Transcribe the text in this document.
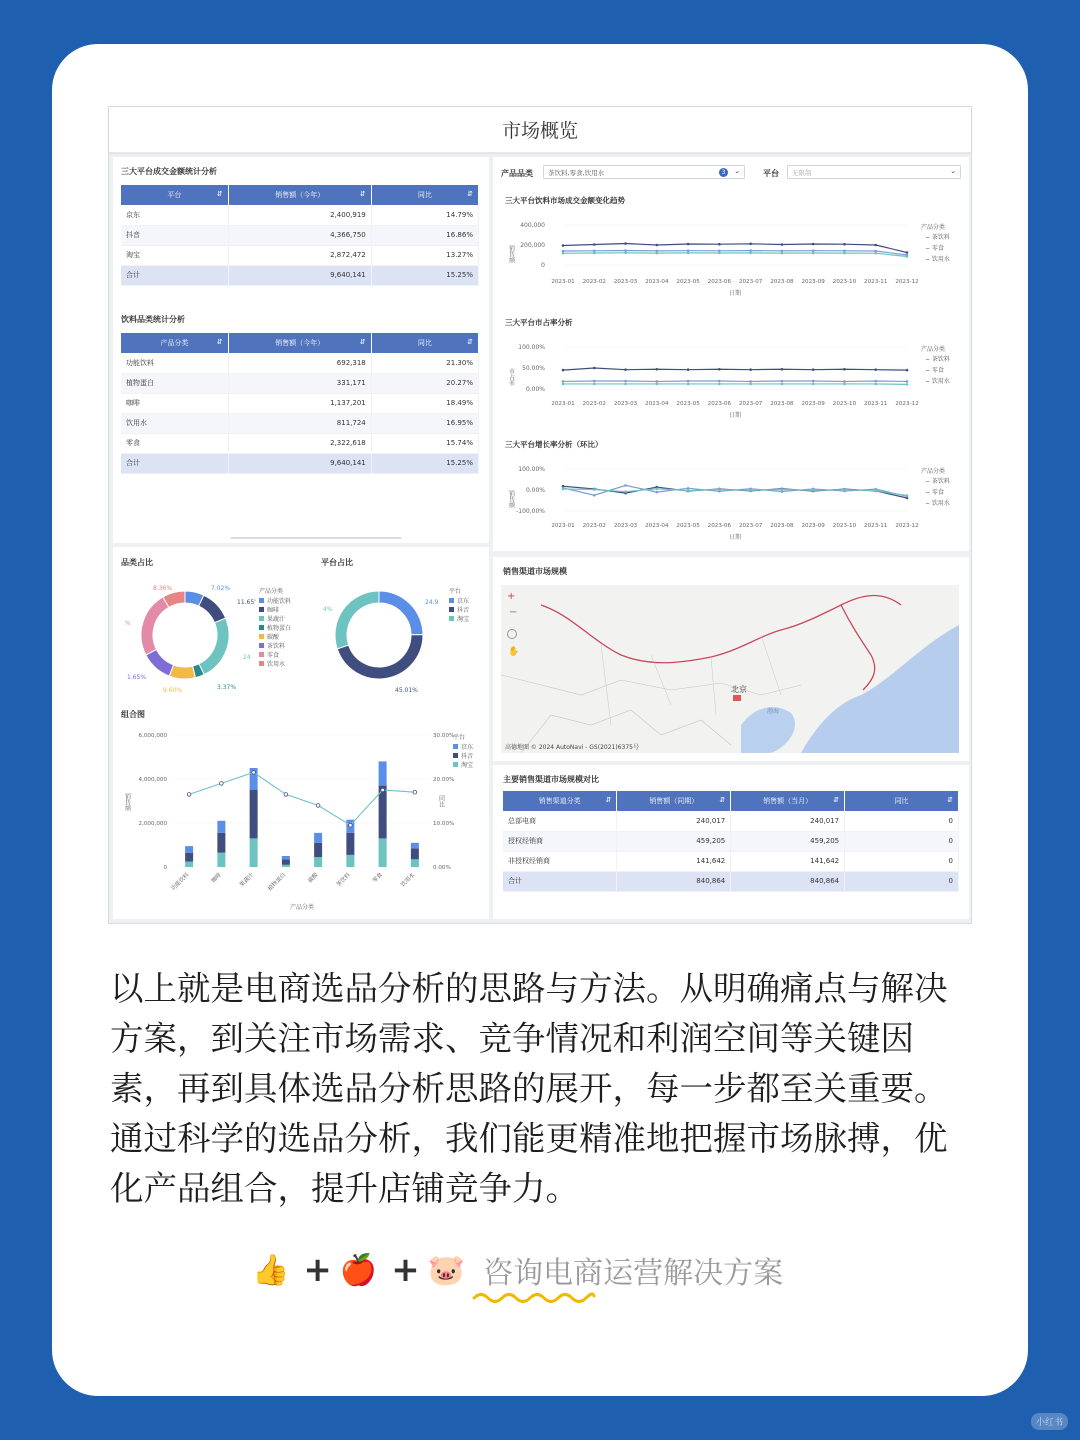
市场概览
三大平台成交金额统计分析
平台 ⇵	销售额（今年） ⇵	同比 ⇵

京东	2,400,919	14.79%
抖音	4,366,750	16.86%
淘宝	2,872,472	13.27%
合计	9,640,141	15.25%
饮料品类统计分析
产品分类 ⇵	销售额（今年） ⇵	同比 ⇵

功能饮料	692,318	21.30%
植物蛋白	331,171	20.27%
咖啡	1,137,201	18.49%
饮用水	811,724	16.95%
零食	2,322,618	15.74%
合计	9,640,141	15.25%
产品品类	茶饮料,零食,饮用水	3	⌄	平台	无限制	⌄
三大平台饮料市场成交金额变化趋势
400,000
200,000
0
销售额
2023-01 2023-02 2023-03 2023-04 2023-05 2023-06 2023-07 2023-08 2023-09 2023-10 2023-11 2023-12
日期
− 茶饮料
− 零食
− 饮用水
产品分类
三大平台市占率分析
100.00%
50.00%
0.00%
市占率
2023-01 2023-02 2023-03 2023-04 2023-05 2023-06 2023-07 2023-08 2023-09 2023-10 2023-11 2023-12
日期
− 茶饮料
− 零食
− 饮用水
产品分类
三大平台增长率分析（环比）
100.00%
0.00%
-100.00%
销售额
2023-01 2023-02 2023-03 2023-04 2023-05 2023-06 2023-07 2023-08 2023-09 2023-10 2023-11 2023-12
日期
− 茶饮料
− 零食
− 饮用水
产品分类
品类占比
产品分类
功能饮料
咖啡
果蔬汁
植物蛋白
碳酸
茶饮料
零食
饮用水
平台占比
平台
京东
抖音
淘宝
8.36%	7.02%
11.65'
24
3.37%
9.60%
1.65%
%
24.9
45.01%
4%
组合图
6,000,000
4,000,000
2,000,000
0
30.00%
20.00%
10.00%
0.00%
销售额	同比
功能饮料	咖啡	果蔬汁 植物蛋白	碳酸	茶饮料	零食	饮用水
产品分类
平台
京东
抖音
淘宝
销售渠道市场规模
北京
渤海
高德地图 © 2024 AutoNavi - GS(2021)6375号
+
−
✋
主要销售渠道市场规模对比
销售渠道分类 ⇵	销售额（同期） ⇵	销售额（当月） ⇵	同比 ⇵

总部电商	240,017	240,017	0
授权经销商	459,205	459,205	0
非授权经销商	141,642	141,642	0
合计	840,864	840,864	0
以上就是电商选品分析的思路与方法。从明确痛点与解决方案，到关注市场需求、竞争情况和利润空间等关键因素，再到具体选品分析思路的展开，每一步都至关重要。通过科学的选品分析，我们能更精准地把握市场脉搏，优化产品组合，提升店铺竞争力。
👍 + 🍎 + 🐷 咨询电商运营解决方案
小红书
